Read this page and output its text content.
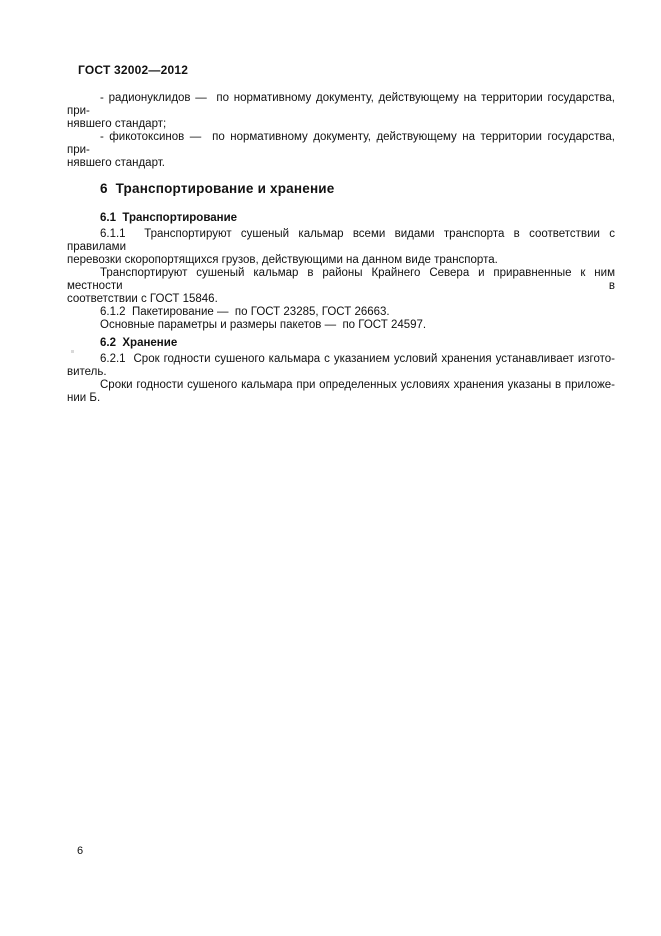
ГОСТ 32002—2012

- радионуклидов —  по нормативному документу, действующему на территории государства, при-

нявшего стандарт;

- фикотоксинов —  по нормативному документу, действующему на территории государства, при-

нявшего стандарт.

6  Транспортирование и хранение
6.1  Транспортирование

6.1.1  Транспортируют сушеный кальмар всеми видами транспорта в соответствии с правилами

перевозки скоропортящихся грузов, действующими на данном виде транспорта.

Транспортируют сушеный кальмар в районы Крайнего Севера и приравненные к ним местности в

соответствии с ГОСТ 15846.

6.1.2  Пакетирование —  по ГОСТ 23285, ГОСТ 26663.

Основные параметры и размеры пакетов —  по ГОСТ 24597.

6.2  Хранение

6.2.1  Срок годности сушеного кальмара с указанием условий хранения устанавливает изгото-

витель.

Сроки годности сушеного кальмара при определенных условиях хранения указаны в приложе-

нии Б.

6
